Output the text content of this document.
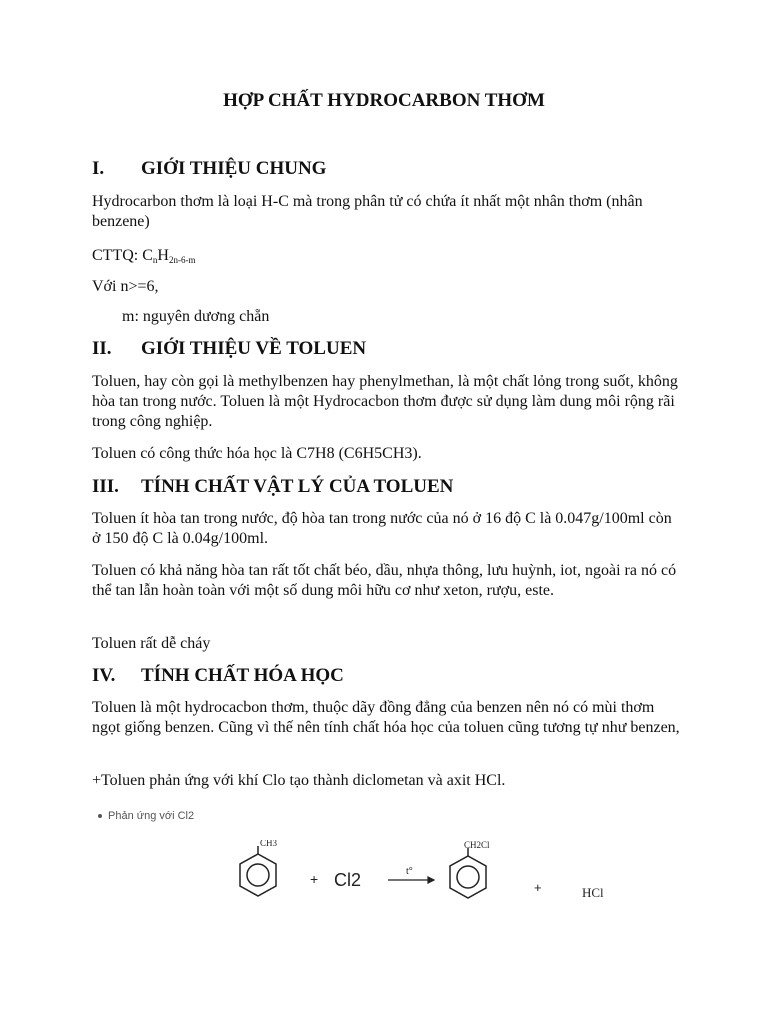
HỢP CHẤT HYDROCARBON THƠM
I. GIỚI THIỆU CHUNG
Hydrocarbon thơm là loại H-C mà trong phân tử có chứa ít nhất một nhân thơm (nhân benzene)
CTTQ: CnH2n-6-m
Với n>=6,
m: nguyên dương chẵn
II. GIỚI THIỆU VỀ TOLUEN
Toluen, hay còn gọi là methylbenzen hay phenylmethan, là một chất lỏng trong suốt, không hòa tan trong nước. Toluen là một Hydrocacbon thơm được sử dụng làm dung môi rộng rãi trong công nghiệp.
Toluen có công thức hóa học là C7H8 (C6H5CH3).
III. TÍNH CHẤT VẬT LÝ CỦA TOLUEN
Toluen ít hòa tan trong nước, độ hòa tan trong nước của nó ở 16 độ C là 0.047g/100ml còn ở 150 độ C là 0.04g/100ml.
Toluen có khả năng hòa tan rất tốt chất béo, dầu, nhựa thông, lưu huỳnh, iot, ngoài ra nó có thể tan lẫn hoàn toàn với một số dung môi hữu cơ như xeton, rượu, este.
Toluen rất dễ cháy
IV. TÍNH CHẤT HÓA HỌC
Toluen là một hydrocacbon thơm, thuộc dãy đồng đẳng của benzen nên nó có mùi thơm ngọt giống benzen. Cũng vì thế nên tính chất hóa học của toluen cũng tương tự như benzen,
+Toluen phản ứng với khí Clo tạo thành diclometan và axit HCl.
Phản ứng với Cl2
CH3
+ Cl2	t°
CH2Cl
+	HCl
